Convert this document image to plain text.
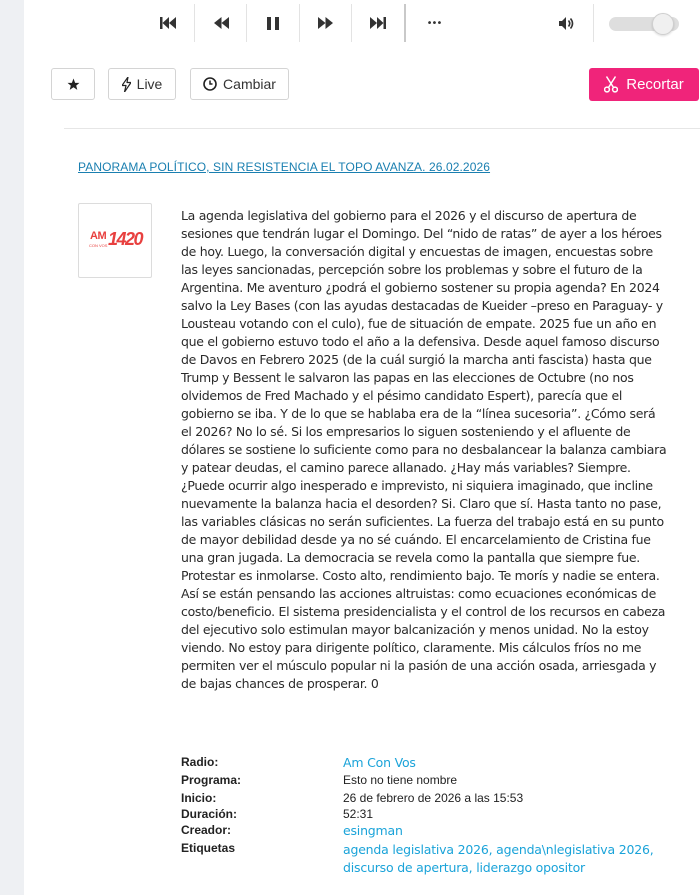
•••
Live	Cambiar	Recortar
PANORAMA POLÍTICO, SIN RESISTENCIA EL TOPO AVANZA. 26.02.2026
AM
CON VOS 1420
La agenda legislativa del gobierno para el 2026 y el discurso de apertura de sesiones que tendrán lugar el Domingo. Del “nido de ratas” de ayer a los héroes de hoy. Luego, la conversación digital y encuestas de imagen, encuestas sobre las leyes sancionadas, percepción sobre los problemas y sobre el futuro de la Argentina. Me aventuro ¿podrá el gobierno sostener su propia agenda? En 2024 salvo la Ley Bases (con las ayudas destacadas de Kueider –preso en Paraguay- y Lousteau votando con el culo), fue de situación de empate. 2025 fue un año en que el gobierno estuvo todo el año a la defensiva. Desde aquel famoso discurso de Davos en Febrero 2025 (de la cuál surgió la marcha anti fascista) hasta que Trump y Bessent le salvaron las papas en las elecciones de Octubre (no nos olvidemos de Fred Machado y el pésimo candidato Espert), parecía que el gobierno se iba. Y de lo que se hablaba era de la “línea sucesoria”. ¿Cómo será el 2026? No lo sé. Si los empresarios lo siguen sosteniendo y el afluente de dólares se sostiene lo suficiente como para no desbalancear la balanza cambiara y patear deudas, el camino parece allanado. ¿Hay más variables? Siempre. ¿Puede ocurrir algo inesperado e imprevisto, ni siquiera imaginado, que incline nuevamente la balanza hacia el desorden? Si. Claro que sí. Hasta tanto no pase, las variables clásicas no serán suficientes. La fuerza del trabajo está en su punto de mayor debilidad desde ya no sé cuándo. El encarcelamiento de Cristina fue una gran jugada. La democracia se revela como la pantalla que siempre fue. Protestar es inmolarse. Costo alto, rendimiento bajo. Te morís y nadie se entera. Así se están pensando las acciones altruistas: como ecuaciones económicas de costo/beneficio. El sistema presidencialista y el control de los recursos en cabeza del ejecutivo solo estimulan mayor balcanización y menos unidad. No la estoy viendo. No estoy para dirigente político, claramente. Mis cálculos fríos no me permiten ver el músculo popular ni la pasión de una acción osada, arriesgada y de bajas chances de prosperar. 0
Radio:	Am Con Vos
Programa:	Esto no tiene nombre
Inicio:	26 de febrero de 2026 a las 15:53
Duración:	52:31
Creador:	esingman
Etiquetas	agenda legislativa 2026, agenda\nlegislativa 2026, discurso de apertura, liderazgo opositor
